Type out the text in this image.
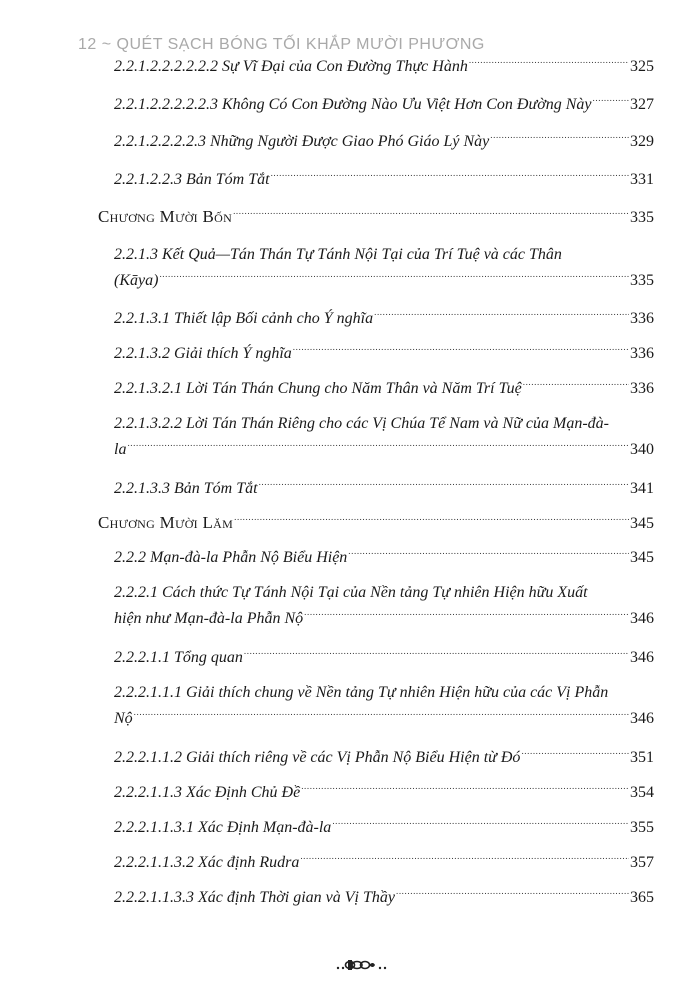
12 ~ QUÉT SẠCH BÓNG TỐI KHẮP MƯỜI PHƯƠNG
2.2.1.2.2.2.2.2.2 Sự Vĩ Đại của Con Đường Thực Hành .....	325
2.2.1.2.2.2.2.2.3 Không Có Con Đường Nào Ưu Việt Hơn Con Đường Này ..... 327
2.2.1.2.2.2.2.3 Những Người Được Giao Phó Giáo Lý Này .....	329
2.2.1.2.2.3 Bản Tóm Tắt .....	331
Chương Mười Bốn .....	335
2.2.1.3 Kết Quả—Tán Thán Tự Tánh Nội Tại của Trí Tuệ và các Thân
(Kāya) .....	335
2.2.1.3.1 Thiết lập Bối cảnh cho Ý nghĩa .....	336
2.2.1.3.2 Giải thích Ý nghĩa .....	336
2.2.1.3.2.1 Lời Tán Thán Chung cho Năm Thân và Năm Trí Tuệ .....	336
2.2.1.3.2.2 Lời Tán Thán Riêng cho các Vị Chúa Tể Nam và Nữ của Mạn-đà-
la .....	340
2.2.1.3.3 Bản Tóm Tắt .....	341
Chương Mười Lăm .....	345
2.2.2 Mạn-đà-la Phẫn Nộ Biểu Hiện .....	345
2.2.2.1 Cách thức Tự Tánh Nội Tại của Nền tảng Tự nhiên Hiện hữu Xuất
hiện như Mạn-đà-la Phẫn Nộ .....	346
2.2.2.1.1 Tổng quan .....	346
2.2.2.1.1.1 Giải thích chung về Nền tảng Tự nhiên Hiện hữu của các Vị Phẫn
Nộ .....	346
2.2.2.1.1.2 Giải thích riêng về các Vị Phẫn Nộ Biểu Hiện từ Đó .....	351
2.2.2.1.1.3 Xác Định Chủ Đề .....	354
2.2.2.1.1.3.1 Xác Định Mạn-đà-la .....	355
2.2.2.1.1.3.2 Xác định Rudra .....	357
2.2.2.1.1.3.3 Xác định Thời gian và Vị Thầy .....	365
